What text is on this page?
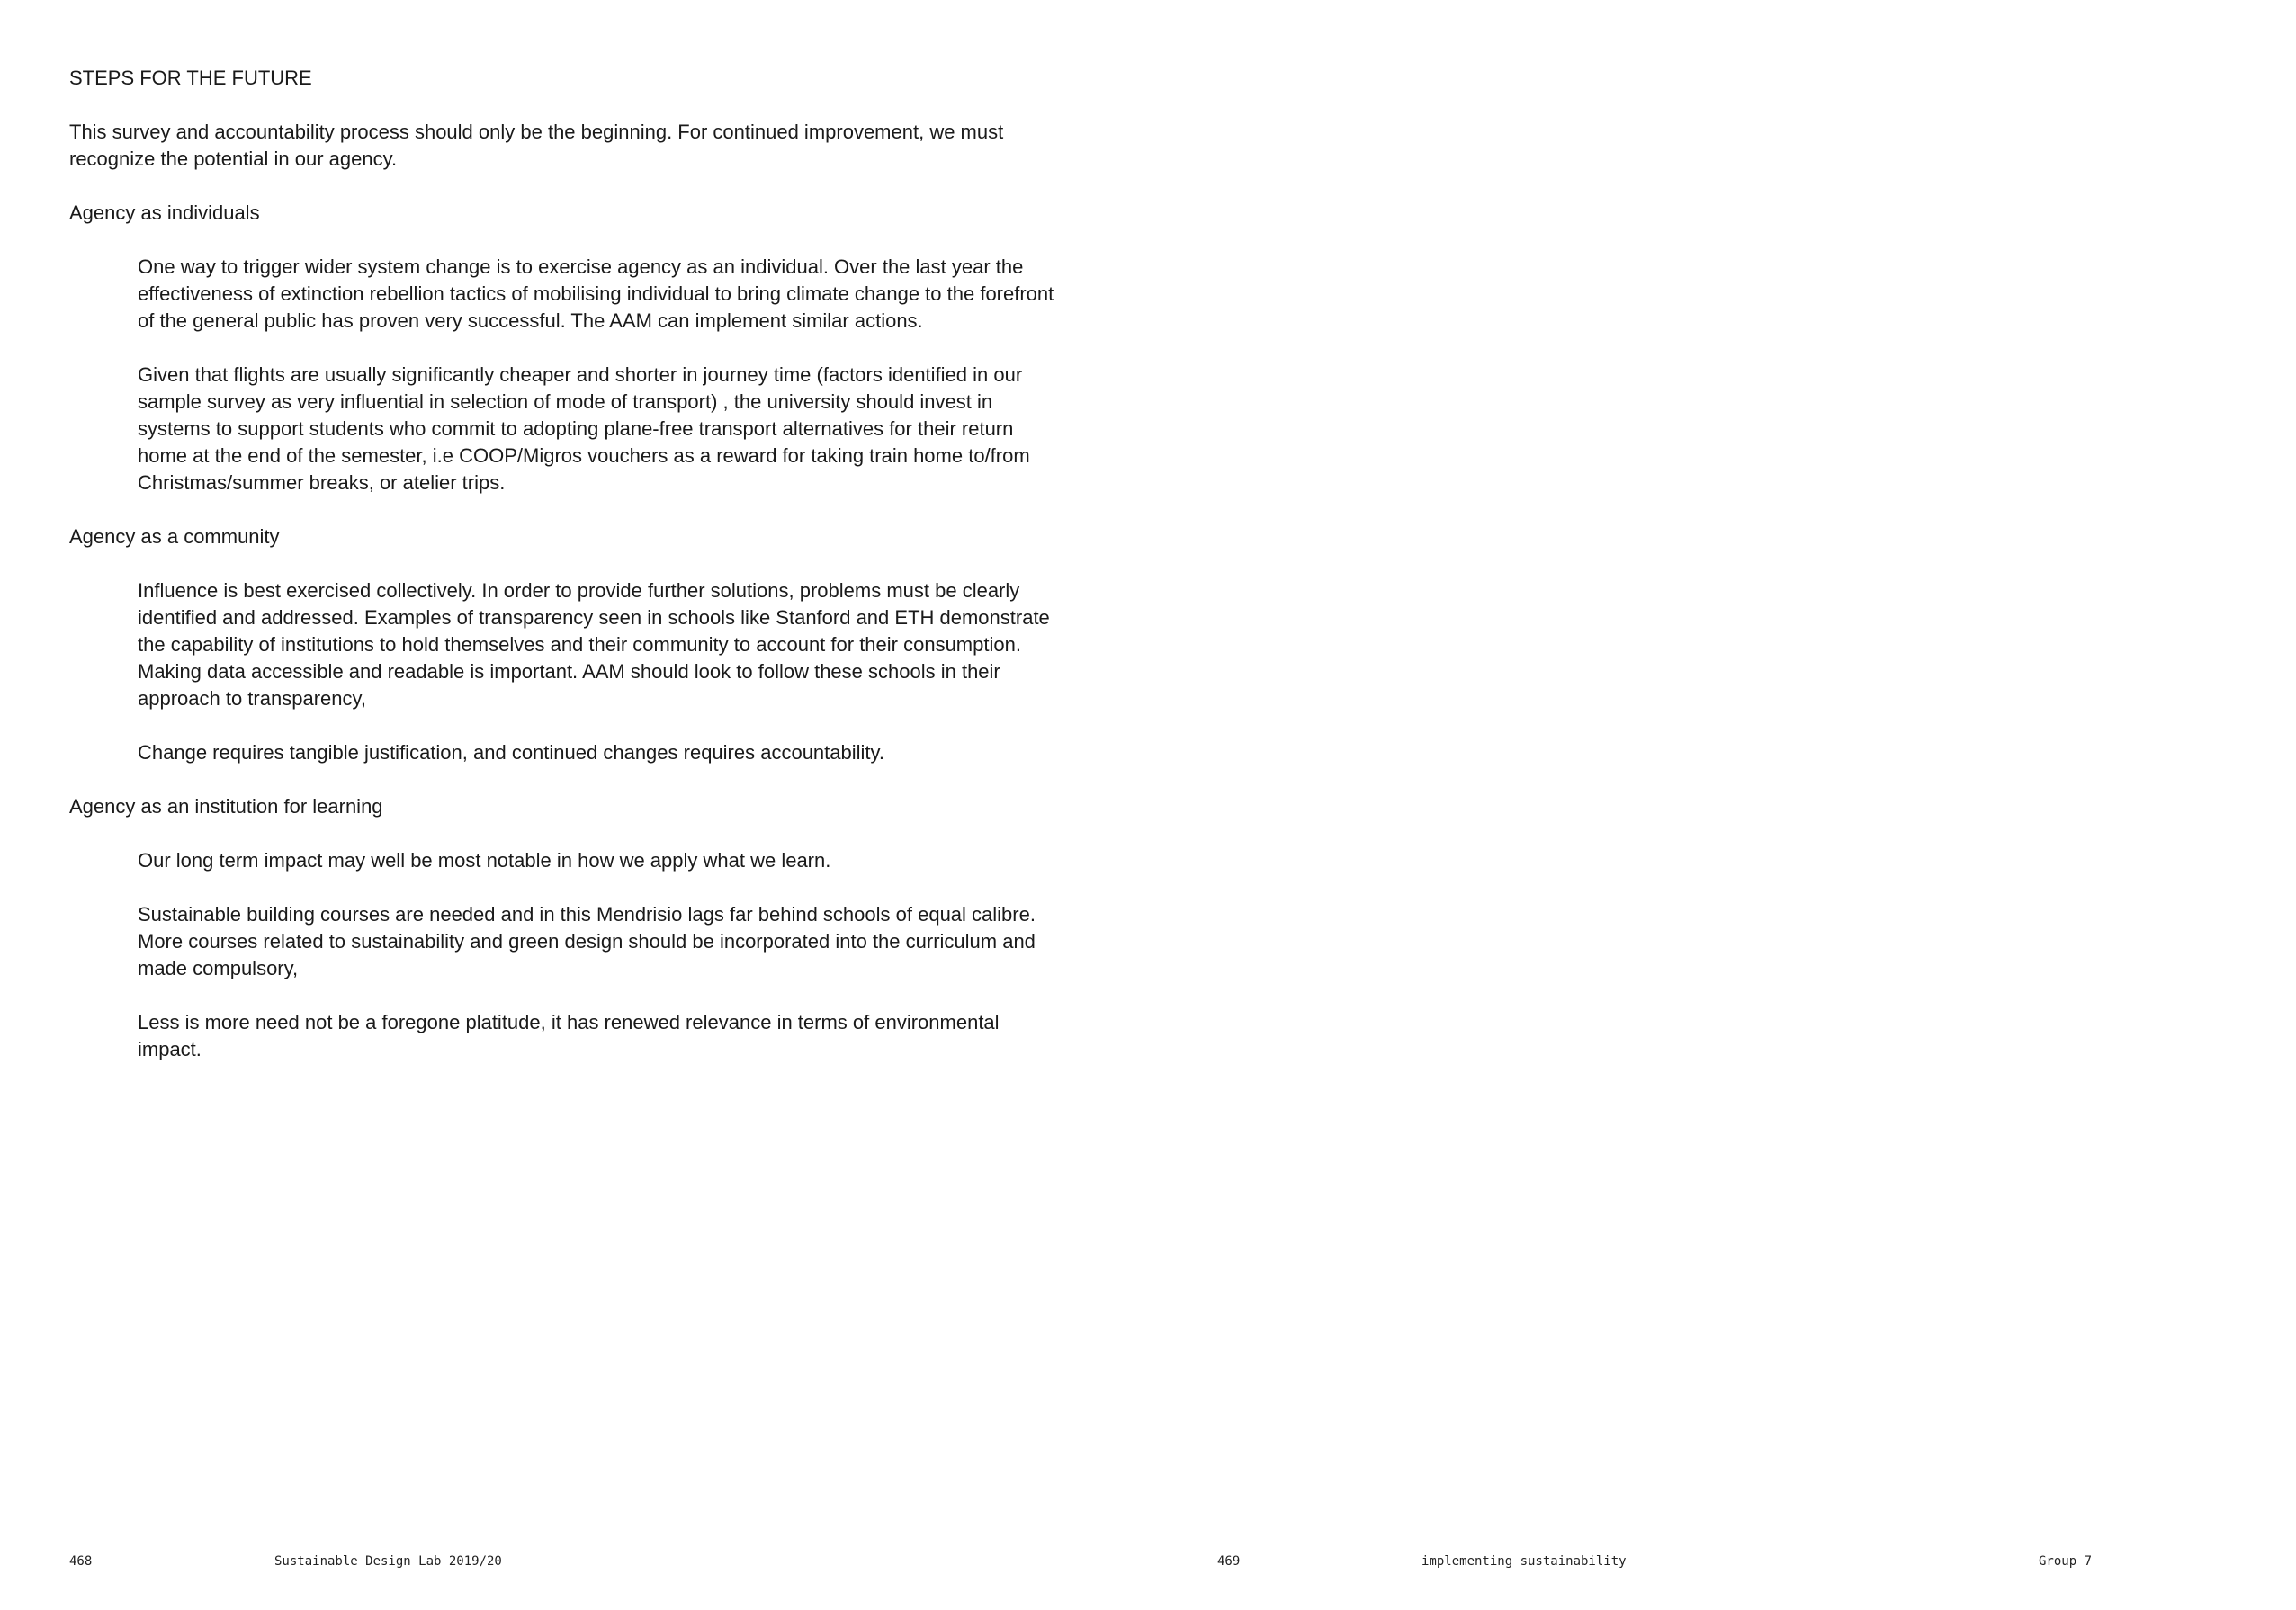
STEPS FOR THE FUTURE

This survey and accountability process should only be the beginning. For continued improvement, we must recognize the potential in our agency.

Agency as individuals

One way to trigger wider system change is to exercise agency as an individual. Over the last year the effectiveness of extinction rebellion tactics of mobilising individual to bring climate change to the forefront of the general public has proven very successful. The AAM can implement similar actions.

Given that flights are usually significantly cheaper and shorter in journey time (factors identified in our sample survey as very influential in selection of mode of transport) , the university should invest in systems to support students who commit to adopting plane-free transport alternatives for their return home at the end of the semester, i.e COOP/Migros vouchers as a reward for taking train home to/from Christmas/summer breaks, or atelier trips.

Agency as a community

Influence is best exercised collectively. In order to provide further solutions, problems must be clearly identified and addressed. Examples of transparency seen in schools like Stanford and ETH demonstrate the capability of institutions to hold themselves and their community to account for their consumption. Making data accessible and readable is important. AAM should look to follow these schools in their approach to transparency,

Change requires tangible justification, and continued changes requires accountability.

Agency as an institution for learning

Our long term impact may well be most notable in how we apply what we learn.

Sustainable building courses are needed and in this Mendrisio lags far behind schools of equal calibre. More courses related to sustainability and green design should be incorporated into the curriculum and made compulsory,

Less is more need not be a foregone platitude, it has renewed relevance in terms of environmental impact.

468	Sustainable Design Lab 2019/20	469	implementing sustainability	Group 7
